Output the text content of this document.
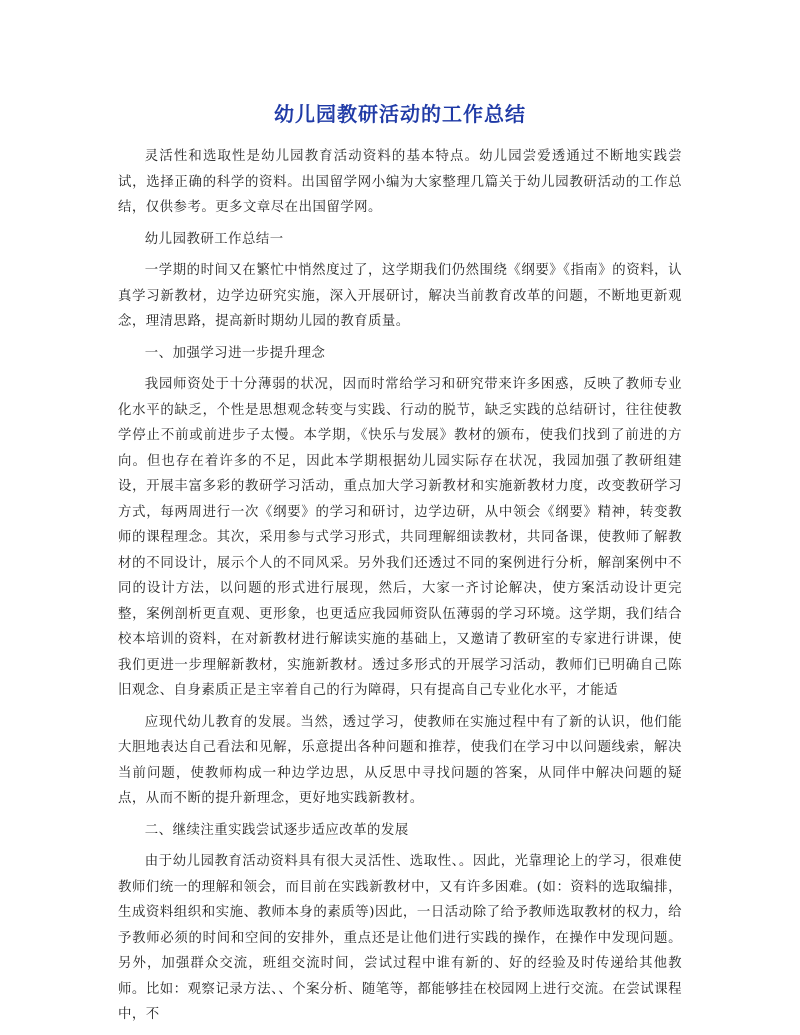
幼儿园教研活动的工作总结

灵活性和选取性是幼儿园教育活动资料的基本特点。幼儿园尝爱透通过不断地实践尝试，选择正确的科学的资料。出国留学网小编为大家整理几篇关于幼儿园教研活动的工作总结，仅供参考。更多文章尽在出国留学网。

幼儿园教研工作总结一

一学期的时间又在繁忙中悄然度过了，这学期我们仍然围绕《纲要》《指南》的资料，认真学习新教材，边学边研究实施，深入开展研讨，解决当前教育改革的问题，不断地更新观念，理清思路，提高新时期幼儿园的教育质量。

一、加强学习进一步提升理念

我园师资处于十分薄弱的状况，因而时常给学习和研究带来许多困惑，反映了教师专业化水平的缺乏，个性是思想观念转变与实践、行动的脱节，缺乏实践的总结研讨，往往使教学停止不前或前进步子太慢。本学期，《快乐与发展》教材的颁布，使我们找到了前进的方向。但也存在着许多的不足，因此本学期根据幼儿园实际存在状况，我园加强了教研组建设，开展丰富多彩的教研学习活动，重点加大学习新教材和实施新教材力度，改变教研学习方式，每两周进行一次《纲要》的学习和研讨，边学边研，从中领会《纲要》精神，转变教师的课程理念。其次，采用参与式学习形式，共同理解细读教材，共同备课，使教师了解教材的不同设计，展示个人的不同风采。另外我们还透过不同的案例进行分析，解剖案例中不同的设计方法，以问题的形式进行展现，然后，大家一齐讨论解决，使方案活动设计更完整，案例剖析更直观、更形象，也更适应我园师资队伍薄弱的学习环境。这学期，我们结合校本培训的资料，在对新教材进行解读实施的基础上，又邀请了教研室的专家进行讲课，使我们更进一步理解新教材，实施新教材。透过多形式的开展学习活动，教师们已明确自己陈旧观念、自身素质正是主宰着自己的行为障碍，只有提高自己专业化水平，才能适

应现代幼儿教育的发展。当然，透过学习，使教师在实施过程中有了新的认识，他们能大胆地表达自己看法和见解，乐意提出各种问题和推荐，使我们在学习中以问题线索，解决当前问题，使教师构成一种边学边思，从反思中寻找问题的答案，从同伴中解决问题的疑点，从而不断的提升新理念，更好地实践新教材。

二、继续注重实践尝试逐步适应改革的发展

由于幼儿园教育活动资料具有很大灵活性、选取性、。因此，光靠理论上的学习，很难使教师们统一的理解和领会，而目前在实践新教材中，又有许多困难。(如：资料的选取编排，生成资料组织和实施、教师本身的素质等)因此，一日活动除了给予教师选取教材的权力，给予教师必须的时间和空间的安排外，重点还是让他们进行实践的操作，在操作中发现问题。另外，加强群众交流，班组交流时间，尝试过程中谁有新的、好的经验及时传递给其他教师。比如：观察记录方法、、个案分析、随笔等，都能够挂在校园网上进行交流。在尝试课程中，不
